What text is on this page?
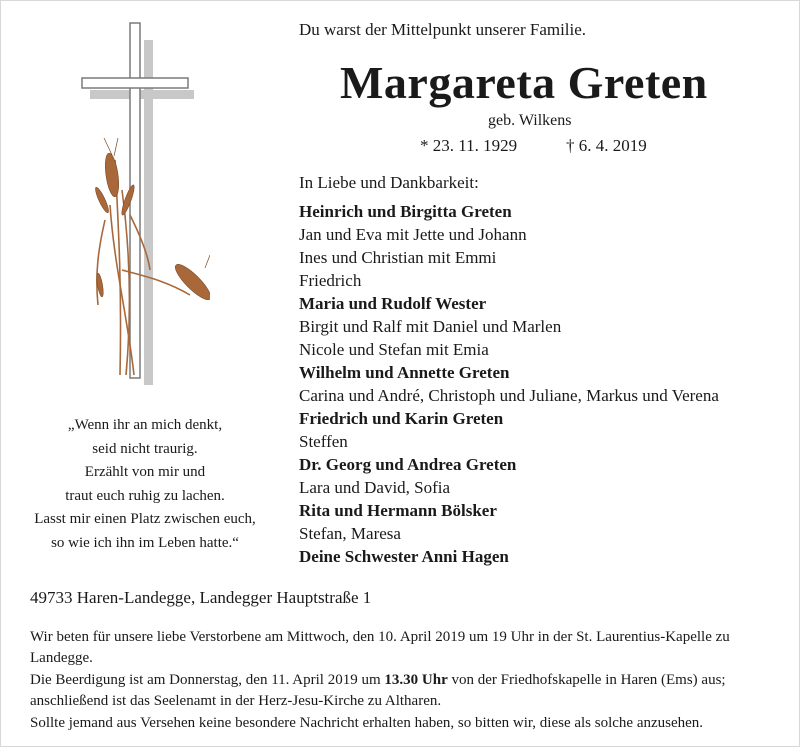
Du warst der Mittelpunkt unserer Familie.
Margareta Greten
geb. Wilkens
* 23. 11. 1929	† 6. 4. 2019
In Liebe und Dankbarkeit:
Heinrich und Birgitta Greten
Jan und Eva mit Jette und Johann
Ines und Christian mit Emmi
Friedrich
Maria und Rudolf Wester
Birgit und Ralf mit Daniel und Marlen
Nicole und Stefan mit Emia
Wilhelm und Annette Greten
Carina und André, Christoph und Juliane, Markus und Verena
Friedrich und Karin Greten
Steffen
Dr. Georg und Andrea Greten
Lara und David, Sofia
Rita und Hermann Bölsker
Stefan, Maresa
Deine Schwester Anni Hagen
„Wenn ihr an mich denkt,
seid nicht traurig.
Erzählt von mir und
traut euch ruhig zu lachen.
Lasst mir einen Platz zwischen euch,
so wie ich ihn im Leben hatte.“
49733 Haren-Landegge, Landegger Hauptstraße 1

Wir beten für unsere liebe Verstorbene am Mittwoch, den 10. April 2019 um 19 Uhr in der St. Laurentius-Kapelle zu Landegge.

Die Beerdigung ist am Donnerstag, den 11. April 2019 um 13.30 Uhr von der Friedhofskapelle in Haren (Ems) aus; anschließend ist das Seelenamt in der Herz-Jesu-Kirche zu Altharen.

Sollte jemand aus Versehen keine besondere Nachricht erhalten haben, so bitten wir, diese als solche anzusehen.
